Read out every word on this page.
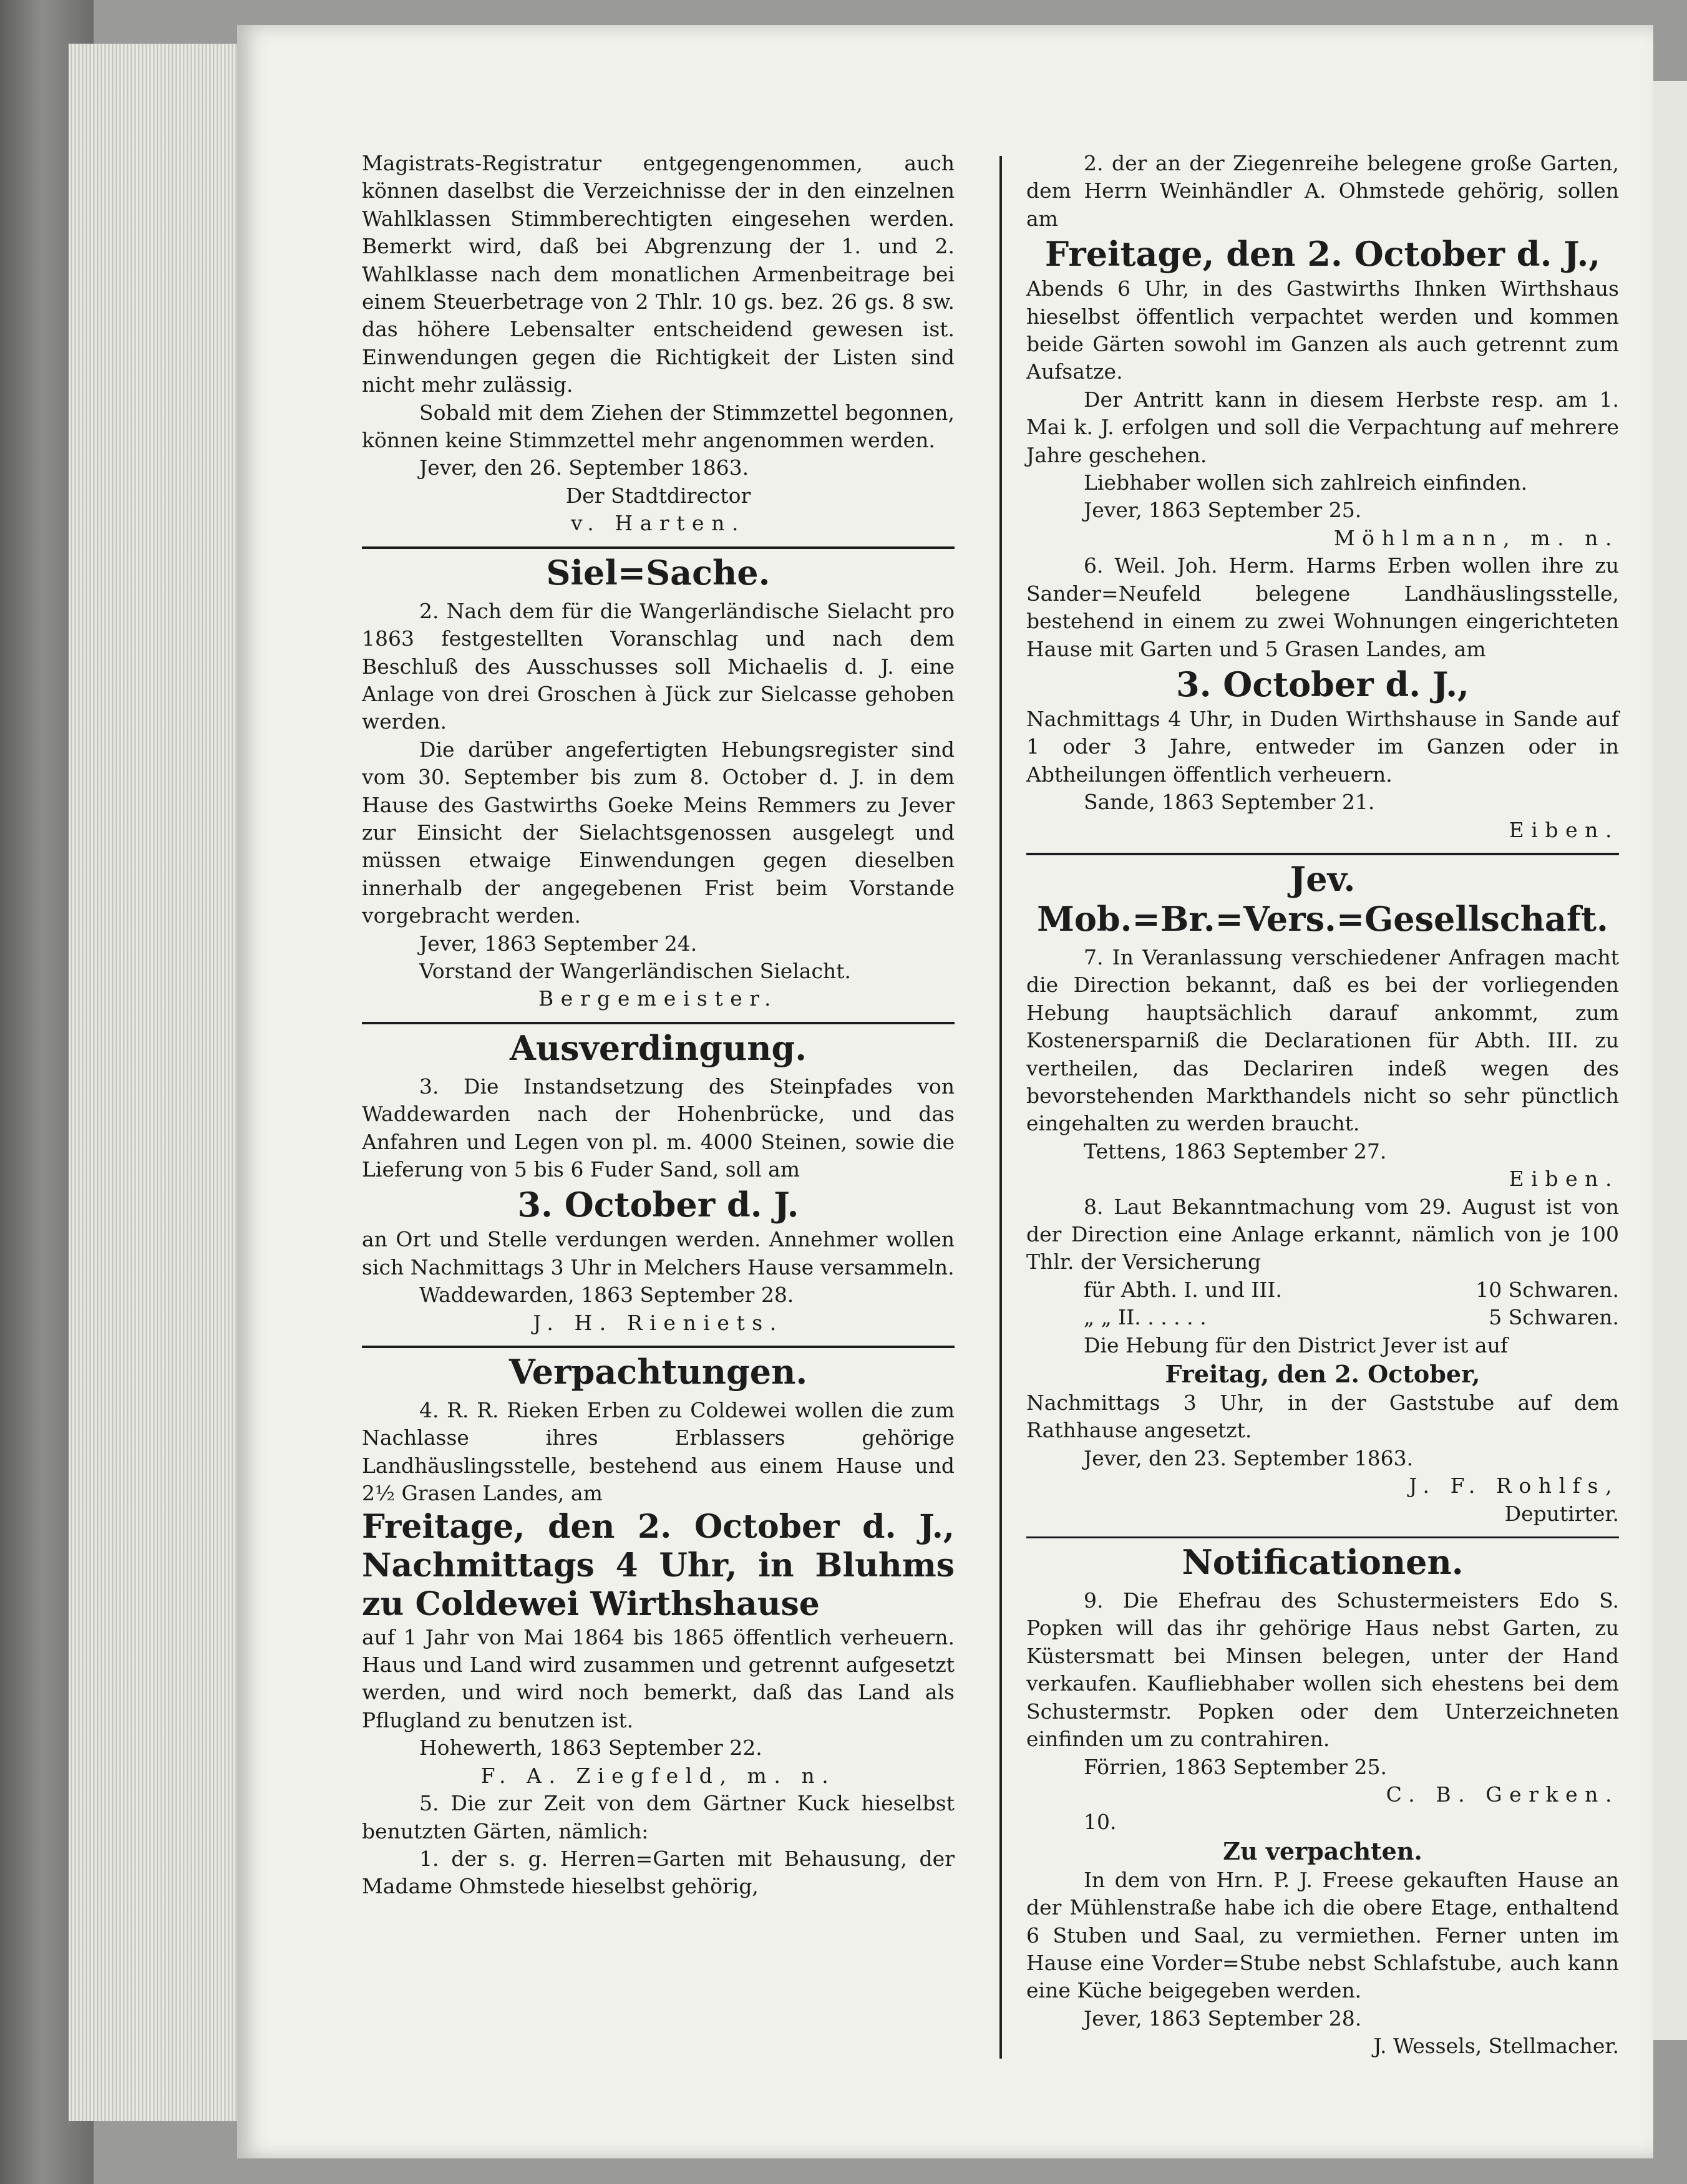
Magistrats-Registratur entgegengenommen, auch können daselbst die Verzeichnisse der in den einzelnen Wahlklassen Stimmberechtigten eingesehen werden. Bemerkt wird, daß bei Abgrenzung der 1. und 2. Wahlklasse nach dem monatlichen Armenbeitrage bei einem Steuerbetrage von 2 Thlr. 10 gs. bez. 26 gs. 8 sw. das höhere Lebensalter entscheidend gewesen ist. Einwendungen gegen die Richtigkeit der Listen sind nicht mehr zulässig.

Sobald mit dem Ziehen der Stimmzettel begonnen, können keine Stimmzettel mehr angenommen werden.

Jever, den 26. September 1863.

Der Stadtdirector

v. Harten.

Siel=Sache.

2. Nach dem für die Wangerländische Sielacht pro 1863 festgestellten Voranschlag und nach dem Beschluß des Ausschusses soll Michaelis d. J. eine Anlage von drei Groschen à Jück zur Sielcasse gehoben werden.

Die darüber angefertigten Hebungsregister sind vom 30. September bis zum 8. October d. J. in dem Hause des Gastwirths Goeke Meins Remmers zu Jever zur Einsicht der Sielachtsgenossen ausgelegt und müssen etwaige Einwendungen gegen dieselben innerhalb der angegebenen Frist beim Vorstande vorgebracht werden.

Jever, 1863 September 24.

Vorstand der Wangerländischen Sielacht.

Bergemeister.

Ausverdingung.

3. Die Instandsetzung des Steinpfades von Waddewarden nach der Hohenbrücke, und das Anfahren und Legen von pl. m. 4000 Steinen, sowie die Lieferung von 5 bis 6 Fuder Sand, soll am

3. October d. J.

an Ort und Stelle verdungen werden. Annehmer wollen sich Nachmittags 3 Uhr in Melchers Hause versammeln.

Waddewarden, 1863 September 28.

J. H. Rieniets.

Verpachtungen.

4. R. R. Rieken Erben zu Coldewei wollen die zum Nachlasse ihres Erblassers gehörige Landhäuslingsstelle, bestehend aus einem Hause und 2½ Grasen Landes, am

Freitage, den 2. October d. J., Nachmittags 4 Uhr, in Bluhms zu Coldewei Wirthshause

auf 1 Jahr von Mai 1864 bis 1865 öffentlich verheuern. Haus und Land wird zusammen und getrennt aufgesetzt werden, und wird noch bemerkt, daß das Land als Pflugland zu benutzen ist.

Hohewerth, 1863 September 22.

F. A. Ziegfeld, m. n.

5. Die zur Zeit von dem Gärtner Kuck hieselbst benutzten Gärten, nämlich:

1. der s. g. Herren=Garten mit Behausung, der Madame Ohmstede hieselbst gehörig,

2. der an der Ziegenreihe belegene große Garten, dem Herrn Weinhändler A. Ohmstede gehörig, sollen am

Freitage, den 2. October d. J.,

Abends 6 Uhr, in des Gastwirths Ihnken Wirthshaus hieselbst öffentlich verpachtet werden und kommen beide Gärten sowohl im Ganzen als auch getrennt zum Aufsatze.

Der Antritt kann in diesem Herbste resp. am 1. Mai k. J. erfolgen und soll die Verpachtung auf mehrere Jahre geschehen.

Liebhaber wollen sich zahlreich einfinden.

Jever, 1863 September 25.

Möhlmann, m. n.

6. Weil. Joh. Herm. Harms Erben wollen ihre zu Sander=Neufeld belegene Landhäuslingsstelle, bestehend in einem zu zwei Wohnungen eingerichteten Hause mit Garten und 5 Grasen Landes, am

3. October d. J.,

Nachmittags 4 Uhr, in Duden Wirthshause in Sande auf 1 oder 3 Jahre, entweder im Ganzen oder in Abtheilungen öffentlich verheuern.

Sande, 1863 September 21.

Eiben.

Jev. Mob.=Br.=Vers.=Gesellschaft.

7. In Veranlassung verschiedener Anfragen macht die Direction bekannt, daß es bei der vorliegenden Hebung hauptsächlich darauf ankommt, zum Kostenersparniß die Declarationen für Abth. III. zu vertheilen, das Declariren indeß wegen des bevorstehenden Markthandels nicht so sehr pünctlich eingehalten zu werden braucht.

Tettens, 1863 September 27.

Eiben.

8. Laut Bekanntmachung vom 29. August ist von der Direction eine Anlage erkannt, nämlich von je 100 Thlr. der Versicherung

für Abth. I. und III.	10 Schwaren.
„ „ II. . . . . .	5 Schwaren.

Die Hebung für den District Jever ist auf

Freitag, den 2. October,

Nachmittags 3 Uhr, in der Gaststube auf dem Rathhause angesetzt.

Jever, den 23. September 1863.

J. F. Rohlfs,

Deputirter.

Notificationen.

9. Die Ehefrau des Schustermeisters Edo S. Popken will das ihr gehörige Haus nebst Garten, zu Küstersmatt bei Minsen belegen, unter der Hand verkaufen. Kaufliebhaber wollen sich ehestens bei dem Schustermstr. Popken oder dem Unterzeichneten einfinden um zu contrahiren.

Förrien, 1863 September 25.

C. B. Gerken.

10.

Zu verpachten.

In dem von Hrn. P. J. Freese gekauften Hause an der Mühlenstraße habe ich die obere Etage, enthaltend 6 Stuben und Saal, zu vermiethen. Ferner unten im Hause eine Vorder=Stube nebst Schlafstube, auch kann eine Küche beigegeben werden.

Jever, 1863 September 28.

J. Wessels, Stellmacher.
